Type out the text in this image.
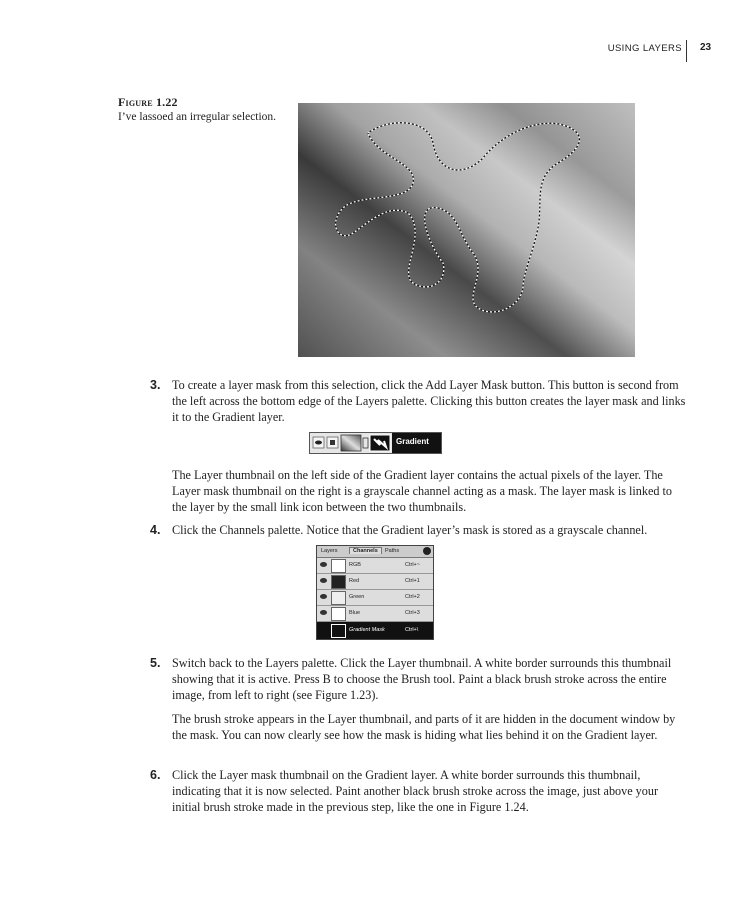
USING LAYERS 23
Figure 1.22
I’ve lassoed an irregular selection.
3. To create a layer mask from this selection, click the Add Layer Mask button. This button is second from the left across the bottom edge of the Layers palette. Clicking this button creates the layer mask and links it to the Gradient layer.
Gradient
The Layer thumbnail on the left side of the Gradient layer contains the actual pixels of the layer. The Layer mask thumbnail on the right is a grayscale channel acting as a mask. The layer mask is linked to the layer by the small link icon between the two thumbnails.
4. Click the Channels palette. Notice that the Gradient layer’s mask is stored as a grayscale channel.
Layers	Channels	Paths
RGB	Ctrl+~
Red	Ctrl+1
Green	Ctrl+2
Blue	Ctrl+3
Gradient Mask	Ctrl+\
5. Switch back to the Layers palette. Click the Layer thumbnail. A white border surrounds this thumbnail showing that it is active. Press B to choose the Brush tool. Paint a black brush stroke across the entire image, from left to right (see Figure 1.23).
The brush stroke appears in the Layer thumbnail, and parts of it are hidden in the document window by the mask. You can now clearly see how the mask is hiding what lies behind it on the Gradient layer.
6. Click the Layer mask thumbnail on the Gradient layer. A white border surrounds this thumbnail, indicating that it is now selected. Paint another black brush stroke across the image, just above your initial brush stroke made in the previous step, like the one in Figure 1.24.
